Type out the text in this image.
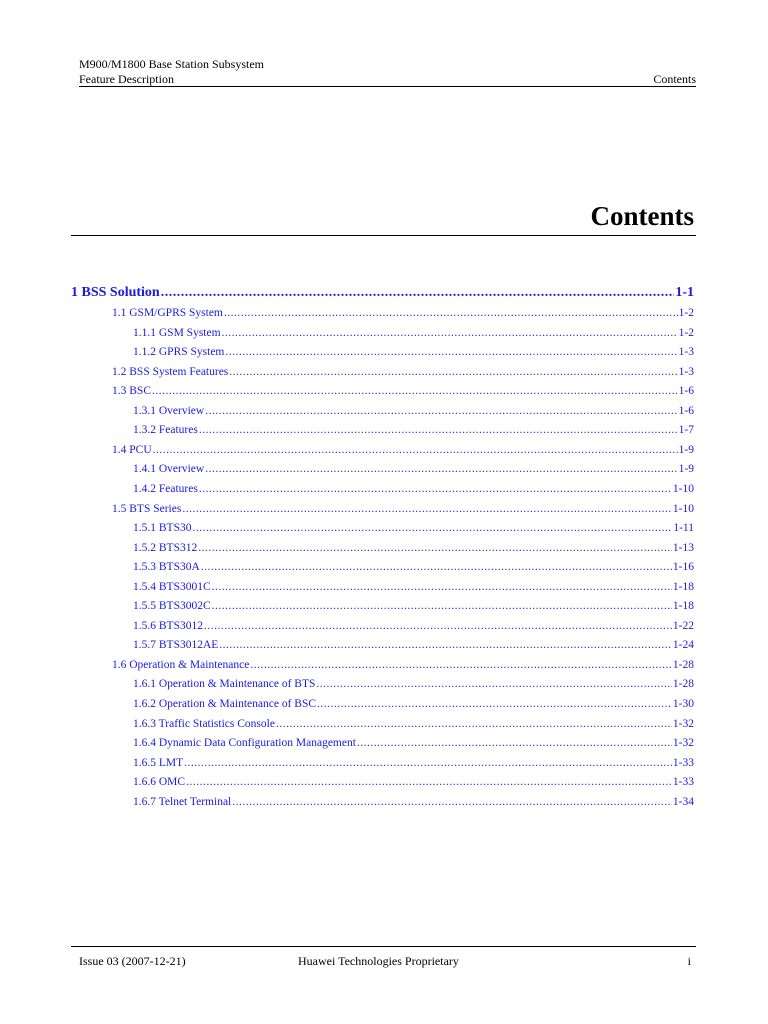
M900/M1800 Base Station Subsystem
Feature Description	Contents
Contents
1 BSS Solution .....	1-1
1.1 GSM/GPRS System .....	1-2
1.1.1 GSM System .....	1-2
1.1.2 GPRS System .....	1-3
1.2 BSS System Features .....	1-3
1.3 BSC .....	1-6
1.3.1 Overview .....	1-6
1.3.2 Features .....	1-7
1.4 PCU .....	1-9
1.4.1 Overview .....	1-9
1.4.2 Features .....	1-10
1.5 BTS Series .....	1-10
1.5.1 BTS30 .....	1-11
1.5.2 BTS312 .....	1-13
1.5.3 BTS30A .....	1-16
1.5.4 BTS3001C .....	1-18
1.5.5 BTS3002C .....	1-18
1.5.6 BTS3012 .....	1-22
1.5.7 BTS3012AE .....	1-24
1.6 Operation & Maintenance .....	1-28
1.6.1 Operation & Maintenance of BTS .....	1-28
1.6.2 Operation & Maintenance of BSC .....	1-30
1.6.3 Traffic Statistics Console .....	1-32
1.6.4 Dynamic Data Configuration Management .....	1-32
1.6.5 LMT .....	1-33
1.6.6 OMC .....	1-33
1.6.7 Telnet Terminal .....	1-34
Issue 03 (2007-12-21)	Huawei Technologies Proprietary	i
